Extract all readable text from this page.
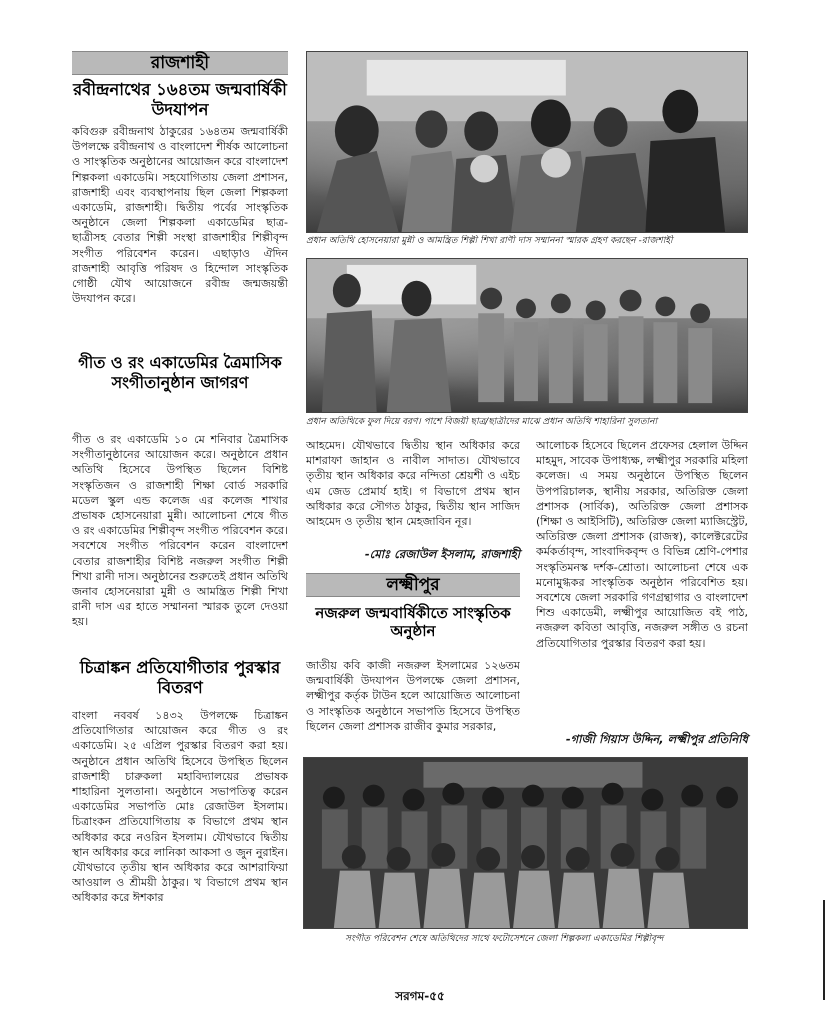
রাজশাহী
রবীন্দ্রনাথের ১৬৪তম জন্মবার্ষিকী উদযাপন
কবিগুরু রবীন্দ্রনাথ ঠাকুরের ১৬৪তম জন্মবার্ষিকী উপলক্ষে রবীন্দ্রনাথ ও বাংলাদেশ শীর্ষক আলোচনা ও সাংস্কৃতিক অনুষ্ঠানের আয়োজন করে বাংলাদেশ শিল্পকলা একাডেমি। সহযোগিতায় জেলা প্রশাসন, রাজশাহী এবং ব্যবস্থাপনায় ছিল জেলা শিল্পকলা একাডেমি, রাজশাহী। দ্বিতীয় পর্বের সাংস্কৃতিক অনুষ্ঠানে জেলা শিল্পকলা একাডেমির ছাত্র-ছাত্রীসহ বেতার শিল্পী সংস্থা রাজশাহীর শিল্পীবৃন্দ সংগীত পরিবেশন করেন। এছাড়াও ঐদিন রাজশাহী আবৃত্তি পরিষদ ও হিন্দোল সাংস্কৃতিক গোষ্ঠী যৌথ আয়োজনে রবীন্দ্র জন্মজয়ন্তী উদযাপন করে।
গীত ও রং একাডেমির ত্রৈমাসিক সংগীতানুষ্ঠান জাগরণ
গীত ও রং একাডেমি ১০ মে শনিবার ত্রৈমাসিক সংগীতানুষ্ঠানের আয়োজন করে। অনুষ্ঠানে প্রধান অতিথি হিসেবে উপস্থিত ছিলেন বিশিষ্ট সংস্কৃতিজন ও রাজশাহী শিক্ষা বোর্ড সরকারি মডেল স্কুল এন্ড কলেজ এর কলেজ শাখার প্রভাষক হোসনেয়ারা মুন্নী। আলোচনা শেষে গীত ও রং একাডেমির শিল্পীবৃন্দ সংগীত পরিবেশন করে। সবশেষে সংগীত পরিবেশন করেন বাংলাদেশ বেতার রাজশাহীর বিশিষ্ট নজরুল সংগীত শিল্পী শিখা রানী দাস। অনুষ্ঠানের শুরুতেই প্রধান অতিথি জনাব হোসনেয়ারা মুন্নী ও আমন্ত্রিত শিল্পী শিখা রানী দাস এর হাতে সম্মাননা স্মারক তুলে দেওয়া হয়।
চিত্রাঙ্কন প্রতিযোগীতার পুরস্কার বিতরণ
বাংলা নববর্ষ ১৪৩২ উপলক্ষে চিত্রাঙ্কন প্রতিযোগিতার আয়োজন করে গীত ও রং একাডেমি। ২৫ এপ্রিল পুরস্কার বিতরণ করা হয়। অনুষ্ঠানে প্রধান অতিথি হিসেবে উপস্থিত ছিলেন রাজশাহী চারুকলা মহাবিদ্যালয়ের প্রভাষক শাহারিনা সুলতানা। অনুষ্ঠানে সভাপতিত্ব করেন একাডেমির সভাপতি মোঃ রেজাউল ইসলাম। চিত্রাংকন প্রতিযোগিতায় ক বিভাগে প্রথম স্থান অধিকার করে নওরিন ইসলাম। যৌথভাবে দ্বিতীয় স্থান অধিকার করে লানিকা আকসা ও জুন নুরাইন। যৌথভাবে তৃতীয় স্থান অধিকার করে আশরাফিয়া আওয়াল ও শ্রীময়ী ঠাকুর। খ বিভাগে প্রথম স্থান অধিকার করে ঈশকার
প্রধান অতিথি হোসনেয়ারা মুন্নী ও আমন্ত্রিত শিল্পী শিখা রাণী দাস সম্মাননা স্মারক গ্রহণ করছেন -রাজশাহী
প্রধান অতিথিকে ফুল দিয়ে বরণ। পাশে বিজয়ী ছাত্র/ছাত্রীদের মাঝে প্রধান অতিথি শাহারিনা সুলতানা
আহমেদ। যৌথভাবে দ্বিতীয় স্থান অধিকার করে মাশরাফা জাহান ও নাবীল সাদাত। যৌথভাবে তৃতীয় স্থান অধিকার করে নন্দিতা শ্রেয়শী ও এইচ এম জেড প্রেমার্য হাই। গ বিভাগে প্রথম স্থান অধিকার করে সৌগত ঠাকুর, দ্বিতীয় স্থান সাজিদ আহমেদ ও তৃতীয় স্থান মেহজাবিন নূর।
-মোঃ রেজাউল ইসলাম, রাজশাহী
লক্ষ্মীপুর
নজরুল জন্মবার্ষিকীতে সাংস্কৃতিক অনুষ্ঠান
জাতীয় কবি কাজী নজরুল ইসলামের ১২৬তম জন্মবার্ষিকী উদযাপন উপলক্ষে জেলা প্রশাসন, লক্ষ্মীপুর কর্তৃক টাউন হলে আয়োজিত আলোচনা ও সাংস্কৃতিক অনুষ্ঠানে সভাপতি হিসেবে উপস্থিত ছিলেন জেলা প্রশাসক রাজীব কুমার সরকার,
আলোচক হিসেবে ছিলেন প্রফেসর হেলাল উদ্দিন মাহমুদ, সাবেক উপাধ্যক্ষ, লক্ষ্মীপুর সরকারি মহিলা কলেজ। এ সময় অনুষ্ঠানে উপস্থিত ছিলেন উপপরিচালক, স্থানীয় সরকার, অতিরিক্ত জেলা প্রশাসক (সার্বিক), অতিরিক্ত জেলা প্রশাসক (শিক্ষা ও আইসিটি), অতিরিক্ত জেলা ম্যাজিস্ট্রেট, অতিরিক্ত জেলা প্রশাসক (রাজস্ব), কালেক্টরেটের কর্মকর্তাবৃন্দ, সাংবাদিকবৃন্দ ও বিভিন্ন শ্রেণি-পেশার সংস্কৃতিমনস্ক দর্শক-শ্রোতা। আলোচনা শেষে এক মনোমুগ্ধকর সাংস্কৃতিক অনুষ্ঠান পরিবেশিত হয়। সবশেষে জেলা সরকারি গণগ্রন্থাগার ও বাংলাদেশ শিশু একাডেমী, লক্ষ্মীপুর আয়োজিত বই পাঠ, নজরুল কবিতা আবৃত্তি, নজরুল সঙ্গীত ও রচনা প্রতিযোগিতার পুরস্কার বিতরণ করা হয়।
-গাজী গিয়াস উদ্দিন, লক্ষ্মীপুর প্রতিনিধি
সংগীত পরিবেশন শেষে অতিথিদের সাথে ফটোসেশনে জেলা শিল্পকলা একাডেমির শিল্পীবৃন্দ
সরগম-৫৫
